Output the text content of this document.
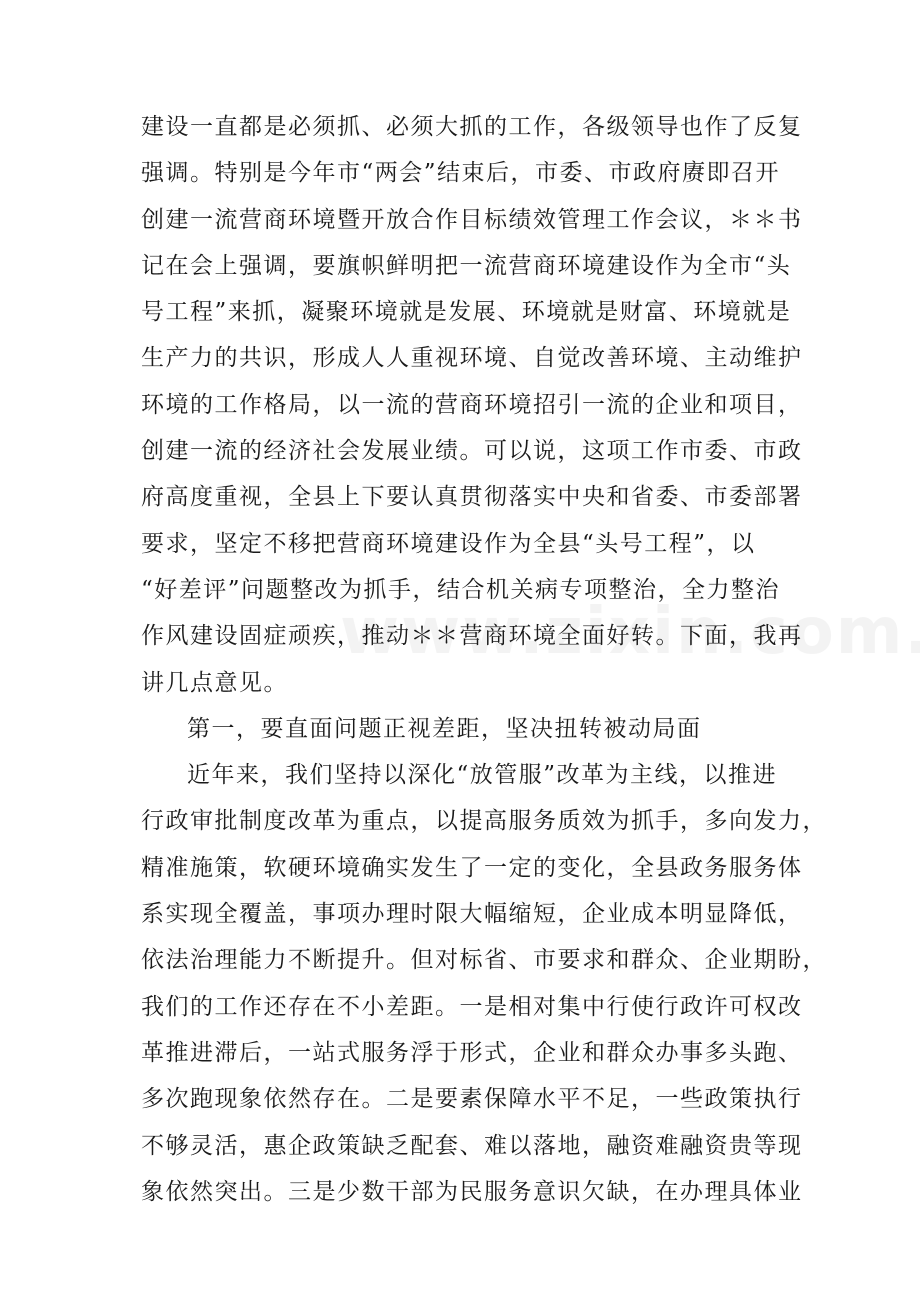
建设一直都是必须抓、必须大抓的工作，各级领导也作了反复
强调。特别是今年市“两会”结束后，市委、市政府赓即召开
创建一流营商环境暨开放合作目标绩效管理工作会议，＊＊书
记在会上强调，要旗帜鲜明把一流营商环境建设作为全市“头
号工程”来抓，凝聚环境就是发展、环境就是财富、环境就是
生产力的共识，形成人人重视环境、自觉改善环境、主动维护
环境的工作格局，以一流的营商环境招引一流的企业和项目，
创建一流的经济社会发展业绩。可以说，这项工作市委、市政
府高度重视，全县上下要认真贯彻落实中央和省委、市委部署
要求，坚定不移把营商环境建设作为全县“头号工程”，以
“好差评”问题整改为抓手，结合机关病专项整治，全力整治
作风建设固症顽疾，推动＊＊营商环境全面好转。下面，我再
讲几点意见。
第一，要直面问题正视差距，坚决扭转被动局面
近年来，我们坚持以深化“放管服”改革为主线，以推进
行政审批制度改革为重点，以提高服务质效为抓手，多向发力，
精准施策，软硬环境确实发生了一定的变化，全县政务服务体
系实现全覆盖，事项办理时限大幅缩短，企业成本明显降低，
依法治理能力不断提升。但对标省、市要求和群众、企业期盼，
我们的工作还存在不小差距。一是相对集中行使行政许可权改
革推进滞后，一站式服务浮于形式，企业和群众办事多头跑、
多次跑现象依然存在。二是要素保障水平不足，一些政策执行
不够灵活，惠企政策缺乏配套、难以落地，融资难融资贵等现
象依然突出。三是少数干部为民服务意识欠缺，在办理具体业
